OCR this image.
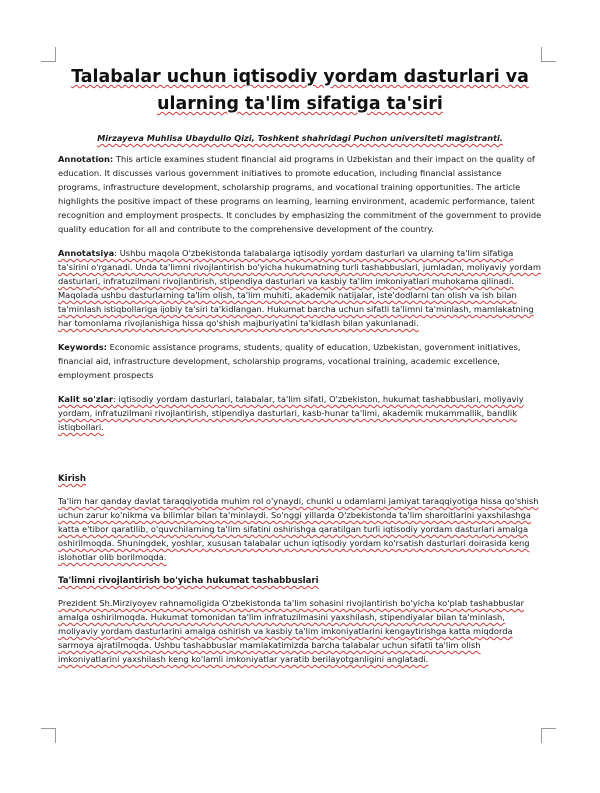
Talabalar uchun iqtisodiy yordam dasturlari va ularning ta'lim sifatiga ta'siri

Mirzayeva Muhlisa Ubaydullo Qizi, Toshkent shahridagi Puchon universiteti magistranti.

Annotation: This article examines student financial aid programs in Uzbekistan and their impact on the quality of education. It discusses various government initiatives to promote education, including financial assistance programs, infrastructure development, scholarship programs, and vocational training opportunities. The article highlights the positive impact of these programs on learning, learning environment, academic performance, talent recognition and employment prospects. It concludes by emphasizing the commitment of the government to provide quality education for all and contribute to the comprehensive development of the country.

Annotatsiya: Ushbu maqola O'zbekistonda talabalarga iqtisodiy yordam dasturlari va ularning ta'lim sifatiga ta'sirini o'rganadi. Unda ta'limni rivojlantirish bo'yicha hukumatning turli tashabbuslari, jumladan, moliyaviy yordam dasturlari, infratuzilmani rivojlantirish, stipendiya dasturlari va kasbiy ta'lim imkoniyatlari muhokama qilinadi. Maqolada ushbu dasturlarning ta'lim olish, ta'lim muhiti, akademik natijalar, iste'dodlarni tan olish va ish bilan ta'minlash istiqbollariga ijobiy ta'siri ta'kidlangan. Hukumat barcha uchun sifatli ta'limni ta'minlash, mamlakatning har tomonlama rivojlanishiga hissa qo'shish majburiyatini ta'kidlash bilan yakunlanadi.

Keywords: Economic assistance programs, students, quality of education, Uzbekistan, government initiatives, financial aid, infrastructure development, scholarship programs, vocational training, academic excellence, employment prospects

Kalit so'zlar: iqtisodiy yordam dasturlari, talabalar, ta'lim sifati, O'zbekiston, hukumat tashabbuslari, moliyaviy yordam, infratuzilmani rivojlantirish, stipendiya dasturlari, kasb-hunar ta'limi, akademik mukammallik, bandlik istiqbollari.

Kirish

Ta'lim har qanday davlat taraqqiyotida muhim rol o'ynaydi, chunki u odamlarni jamiyat taraqqiyotiga hissa qo'shish uchun zarur ko'nikma va bilimlar bilan ta'minlaydi. So'nggi yillarda O'zbekistonda ta'lim sharoitlarini yaxshilashga katta e'tibor qaratilib, o'quvchilarning ta'lim sifatini oshirishga qaratilgan turli iqtisodiy yordam dasturlari amalga oshirilmoqda. Shuningdek, yoshlar, xususan talabalar uchun iqtisodiy yordam ko'rsatish dasturlari doirasida keng islohotlar olib borilmoqda.

Ta'limni rivojlantirish bo'yicha hukumat tashabbuslari

Prezident Sh.Mirziyoyev rahnamoligida O'zbekistonda ta'lim sohasini rivojlantirish bo'yicha ko'plab tashabbuslar amalga oshirilmoqda. Hukumat tomonidan ta'lim infratuzilmasini yaxshilash, stipendiyalar bilan ta'minlash, moliyaviy yordam dasturlarini amalga oshirish va kasbiy ta'lim imkoniyatlarini kengaytirishga katta miqdorda sarmoya ajratilmoqda. Ushbu tashabbuslar mamlakatimizda barcha talabalar uchun sifatli ta'lim olish imkoniyatlarini yaxshilash keng ko'lamli imkoniyatlar yaratib berilayotganligini anglatadi.
